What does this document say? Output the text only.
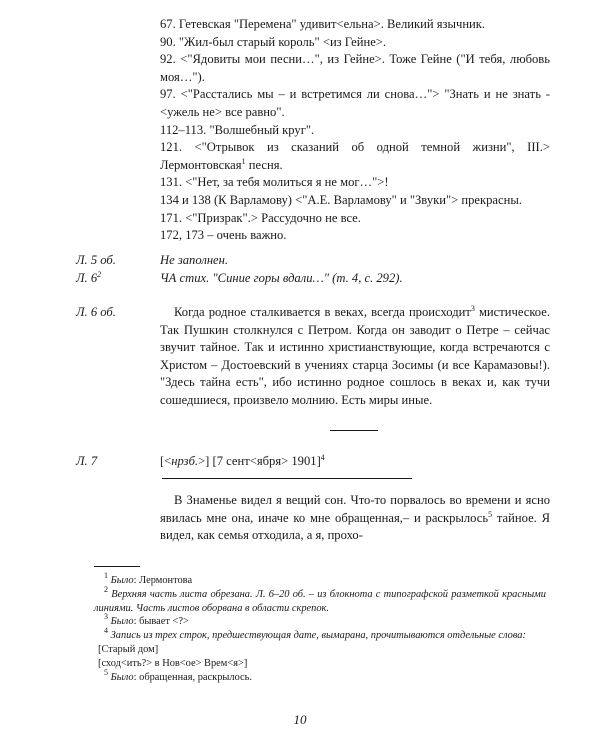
67. Гетевская "Перемена" удивит<ельна>. Великий язычник.
90. "Жил-был старый король" <из Гейне>.
92. <"Ядовиты мои песни…", из Гейне>. Тоже Гейне ("И тебя, любовь моя…").
97. <"Расстались мы – и встретимся ли снова…"> "Знать и не знать - <ужель не> все равно".
112–113. "Волшебный круг".
121. <"Отрывок из сказаний об одной темной жизни", III.> Лермонтовская$^1$ песня.
131. <"Нет, за тебя молиться я не мог…">!
134 и 138 (К Варламову) <"А.Е. Варламову" и "Звуки"> прекрасны.
171. <"Призрак".> Рассудочно не все.
172, 173 – очень важно.
Л. 5 об.	Не заполнен.
Л. $6^2$	ЧА стих. "Синие горы вдали…" (т. 4, с. 292).
Л. 6 об.	Когда родное сталкивается в веках, всегда происходит$^3$ мистическое. Так Пушкин столкнулся с Петром. Когда он заводит о Петре – сейчас звучит тайное. Так и истинно христианствующие, когда встречаются с Христом – Достоевский в учениях старца Зосимы (и все Карамазовы!). "Здесь тайна есть", ибо истинно родное сошлось в веках и, как тучи сошедшиеся, произвело молнию. Есть миры иные.

Л. 7	[<нрзб.>] [7 сент<ября> 1901]$^4$

В Знаменье видел я вещий сон. Что-то порвалось во времени и ясно явилась мне она, иначе ко мне обращенная,– и раскрылось$^5$ тайное. Я видел, как семья отходила, а я, прохо-

$^1$ Было: Лермонтова

$^2$ Верхняя часть листа обрезана. Л. 6–20 об. – из блокнота с типографской разметкой красными линиями. Часть листов оборвана в области скрепок.

$^3$ Было: бывает <?>

$^4$ Запись из трех строк, предшествующая дате, вымарана, прочитываются отдельные слова:

[Старый дом]

[сход<ить?> в Нов<ое> Врем<я>]

$^5$ Было: обращенная, раскрылось.

10
